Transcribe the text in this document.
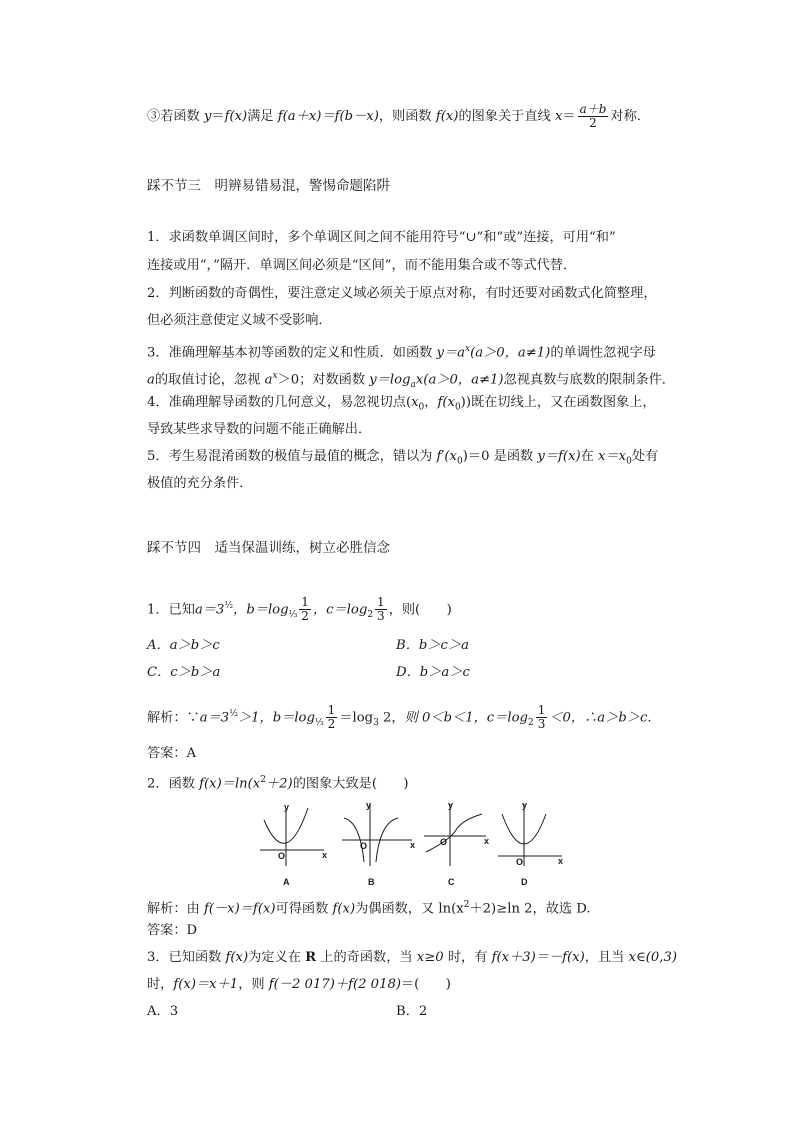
③若函数 y＝f(x)满足 f(a＋x)＝f(b－x)，则函数 f(x)的图象关于直线 $x= \frac{a+b}{2}$ 对称．
踩不节三　明辨易错易混，警惕命题陷阱
1．求函数单调区间时，多个单调区间之间不能用符号“∪”和“或”连接，可用“和”
连接或用“，”隔开．单调区间必须是“区间”，而不能用集合或不等式代替．
2．判断函数的奇偶性，要注意定义域必须关于原点对称，有时还要对函数式化简整理，
但必须注意使定义域不受影响．
3．准确理解基本初等函数的定义和性质．如函数 $y=a^x(a>0$，a≠1)的单调性忽视字母
a的取值讨论，忽视 $a^x>0$；对数函数 $y=\log_ax(a>0$，a≠1)忽视真数与底数的限制条件．
4．准确理解导函数的几何意义，易忽视切点($x_0$，$f(x_0)$)既在切线上，又在函数图象上，
导致某些求导数的问题不能正确解出．
5．考生易混淆函数的极值与最值的概念，错以为 $f'(x_0)=0$ 是函数 y＝f(x)在 $x=x_0$处有
极值的充分条件．
踩不节四　适当保温训练，树立必胜信念
1．已知$a=3^{\frac{1}{2}}$，$b=\log_{\frac{1}{3}} \frac{1}{2}$ ，$c=\log_2 \frac{1}{3}$ ，则(　　)
A．a＞b＞c	B．b＞c＞a
C．c＞b＞a	D．b＞a＞c
解析：$\because a=3^{\frac{1}{2}}>1$，$b=\log_{\frac{1}{3}} \frac{1}{2} =\log_3$ 2，则 0＜b＜1，$c=\log_2 \frac{1}{3} <0$，∴a＞b＞c.
答案：A
2．函数 $f(x)=\ln(x^2+2)$的图象大致是(　　)
y
x
O
A
y
x
O
B
y
x
O
C
y
x
O
D
解析：由 f(－x)＝f(x)可得函数 f(x)为偶函数，又 $\ln(x^2+2)\ge\ln$ 2，故选 D.
答案：D
3．已知函数 f(x)为定义在 R 上的奇函数，当 x≥0 时，有 f(x＋3)＝－f(x)，且当 x∈(0,3)
时，f(x)＝x＋1，则 f(－2 017)＋f(2 018)＝(　　)
A．3	B．2
